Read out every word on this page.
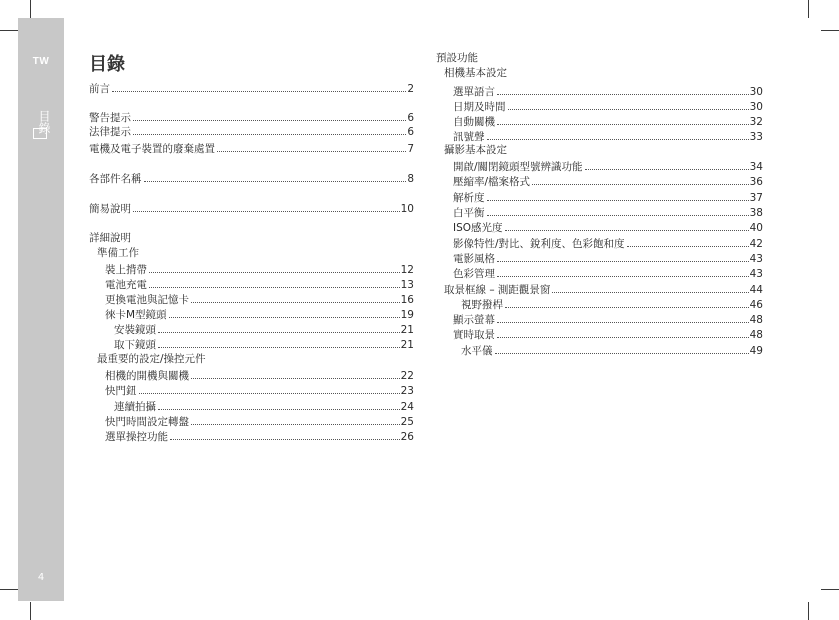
TW
目錄
4
目錄
前言	2
警告提示	6
法律提示	6
電機及電子裝置的廢棄處置	7
各部件名稱	8
簡易說明	10
詳細說明
準備工作
裝上揹帶	12
電池充電	13
更換電池與記憶卡	16
徠卡M型鏡頭	19
安裝鏡頭	21
取下鏡頭	21
最重要的設定/操控元件
相機的開機與關機	22
快門鈕	23
連續拍攝	24
快門時間設定轉盤	25
選單操控功能	26
預設功能
相機基本設定
選單語言	30
日期及時間	30
自動關機	32
訊號聲	33
攝影基本設定
開啟/關閉鏡頭型號辨識功能	34
壓縮率/檔案格式	36
解析度	37
白平衡	38
ISO感光度	40
影像特性/對比、銳利度、色彩飽和度	42
電影風格	43
色彩管理	43
取景框線 – 測距觀景窗	44
視野撥桿	46
顯示螢幕	48
實時取景	48
水平儀	49
